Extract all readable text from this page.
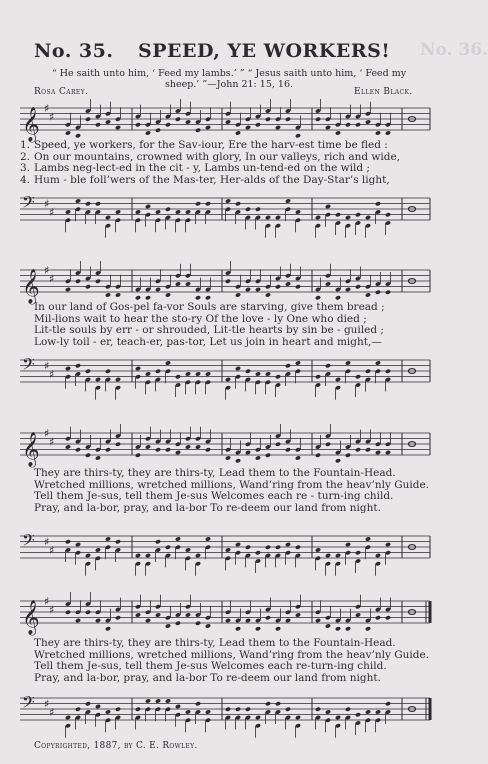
No. 36.
No. 35. SPEED, YE WORKERS!
“ He saith unto him, ‘ Feed my lambs.’ ” “ Jesus saith unto him, ‘ Feed my sheep.’ ”—John 21: 15, 16.
Rosa Carey.	Ellen Black.
𝄞 ♯
♯
𝄢 ♯
♯
1. Speed, ye workers, for the Sav-iour, Ere the harv-est time be fled :
2. On our mountains, crowned with glory, In our valleys, rich and wide,
3. Lambs neg-lect-ed in the cit - y, Lambs un-tend-ed on the wild ;
4. Hum - ble foll’wers of the Mas-ter, Her-alds of the Day-Star’s light,
𝄞 ♯
♯
𝄢 ♯
♯
In our land of Gos-pel fa-vor Souls are starving, give them bread ;
Mil-lions wait to hear the sto-ry Of the love - ly One who died ;
Lit-tle souls by err - or shrouded, Lit-tle hearts by sin be - guiled ;
Low-ly toil - er, teach-er, pas-tor, Let us join in heart and might,—
𝄞 ♯
♯
𝄢 ♯
♯
They are thirs-ty, they are thirs-ty, Lead them to the Fountain-Head.
Wretched millions, wretched millions, Wand’ring from the heav’nly Guide.
Tell them Je-sus, tell them Je-sus Welcomes each re - turn-ing child.
Pray, and la-bor, pray, and la-bor To re-deem our land from night.
𝄞 ♯
♯
𝄢 ♯
♯
They are thirs-ty, they are thirs-ty, Lead them to the Fountain-Head.
Wretched millions, wretched millions, Wand’ring from the heav’nly Guide.
Tell them Je-sus, tell them Je-sus Welcomes each re-turn-ing child.
Pray, and la-bor, pray, and la-bor To re-deem our land from night.
Copyrighted, 1887, by C. E. Rowley.
